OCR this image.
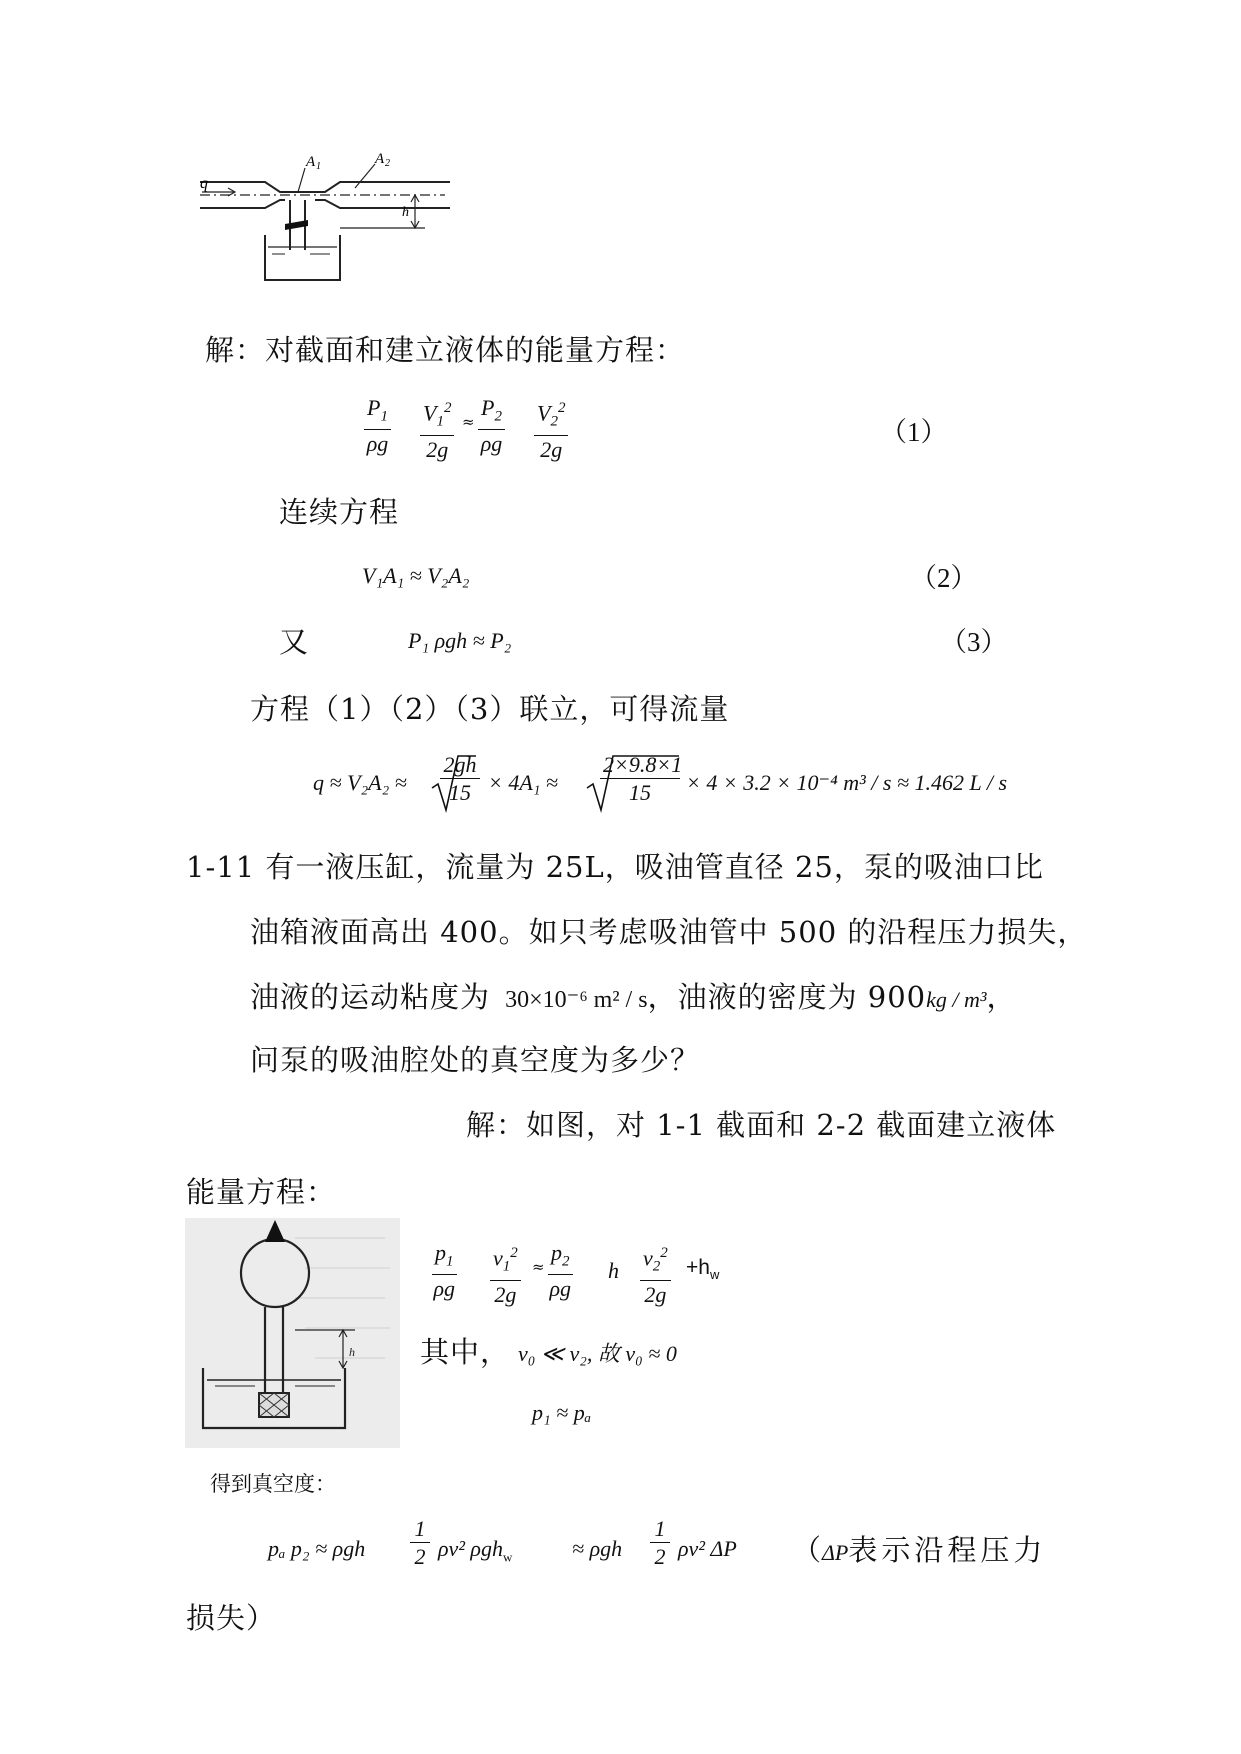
q
A 1	A 2
h
解：对截面和建立液体的能量方程：
$\frac{P_1}{\rho g} \frac{V_1^2}{2g} \approx \frac{P_2}{\rho g} \frac{V_2^2}{2g}$	（1）
连续方程
V₁A₁ ≈ V₂A₂	（2）
又	P₁ ρgh ≈ P₂	（3）
方程（1）（2）（3）联立，可得流量
$q \approx V_2A_2 \approx \frac{2gh}{15} \times 4A_1 \approx \frac{2\times 9.8\times 1}{15} \times 4 \times 3.2 \times 10^{-4}$ m³ / s ≈ 1.462 L / s
1-11 有一液压缸，流量为 25L，吸油管直径 25，泵的吸油口比
油箱液面高出 400。如只考虑吸油管中 500 的沿程压力损失，
油液的运动粘度为 30×10⁻⁶ m² / s，油液的密度为 900kg / m³，
问泵的吸油腔处的真空度为多少？
解：如图，对 1-1 截面和 2-2 截面建立液体
能量方程：
h
$\frac{p_1}{\rho g} \frac{v_1^2}{2g} \approx \frac{p_2}{\rho g}$ h $\frac{v_2^2}{2g} +h_w$
其中， v₀ ≪ v₂, 故 v₀ ≈ 0
p₁ ≈ pₐ
得到真空度：
pₐ p₂ ≈ ρgh $\frac{1}{2} \rho v^2$ ρgh$_w$	≈ ρgh $\frac{1}{2} \rho v^2$ ΔP （ΔP表示沿程压力
损失）
